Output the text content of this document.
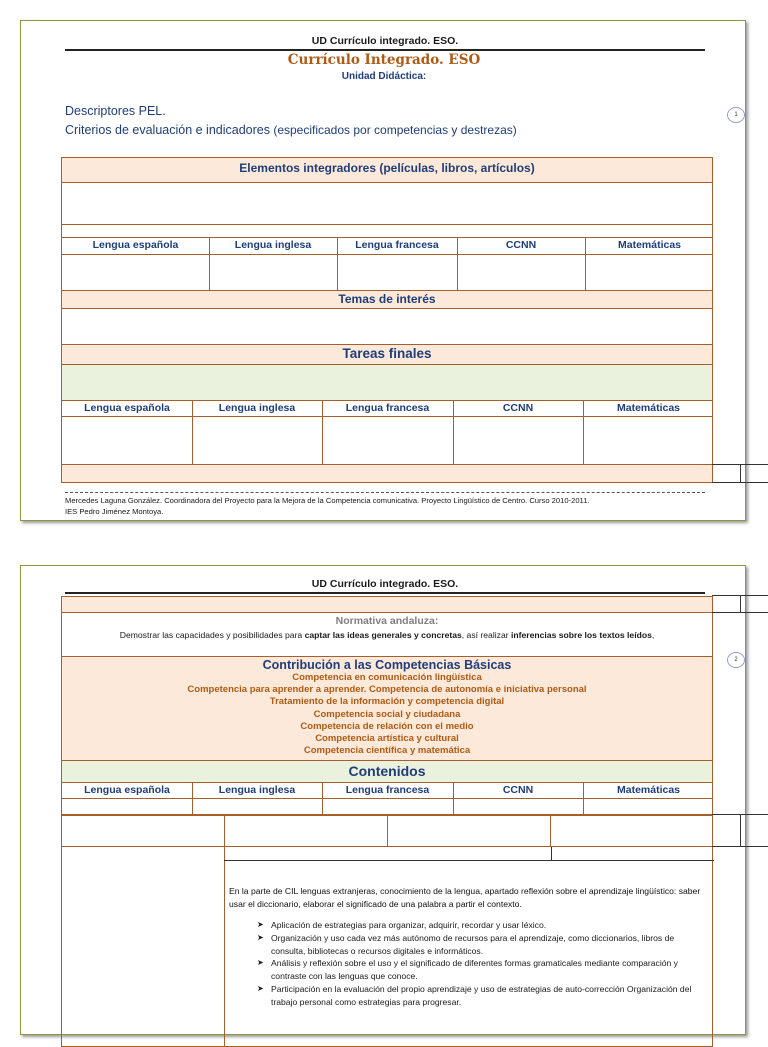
UD Currículo integrado. ESO.
Currículo Integrado. ESO
Unidad Didáctica:
Descriptores PEL.
Criterios de evaluación e indicadores (especificados por competencias y destrezas)
1
Elementos integradores (películas, libros, artículos)
Lengua española	Lengua inglesa	Lengua francesa	CCNN	Matemáticas
Temas de interés
Tareas finales
Lengua española	Lengua inglesa	Lengua francesa	CCNN	Matemáticas
Mercedes Laguna González. Coordinadora del Proyecto para la Mejora de la Competencia comunicativa. Proyecto Lingüístico de Centro. Curso 2010-2011.
IES Pedro Jiménez Montoya.
UD Currículo integrado. ESO.
2
Normativa andaluza:
Demostrar las capacidades y posibilidades para captar las ideas generales y concretas, así realizar inferencias sobre los textos leídos,
Contribución a las Competencias Básicas
Competencia en comunicación lingüística
Competencia para aprender a aprender. Competencia de autonomía e iniciativa personal
Tratamiento de la información y competencia digital
Competencia social y ciudadana
Competencia de relación con el medio
Competencia artística y cultural
Competencia científica y matemática
Contenidos
Lengua española	Lengua inglesa	Lengua francesa	CCNN	Matemáticas
En la parte de CIL lenguas extranjeras, conocimiento de la lengua, apartado reflexión sobre el aprendizaje lingüístico: saber usar el diccionario, elaborar el significado de una palabra a partir el contexto.
➤ Aplicación de estrategias para organizar, adquirir, recordar y usar léxico.
➤ Organización y uso cada vez más autónomo de recursos para el aprendizaje, como diccionarios, libros de consulta, bibliotecas o recursos digitales e informáticos.
➤ Análisis y reflexión sobre el uso y el significado de diferentes formas gramaticales mediante comparación y contraste con las lenguas que conoce.
➤ Participación en la evaluación del propio aprendizaje y uso de estrategias de auto-corrección Organización del trabajo personal como estrategias para progresar.
